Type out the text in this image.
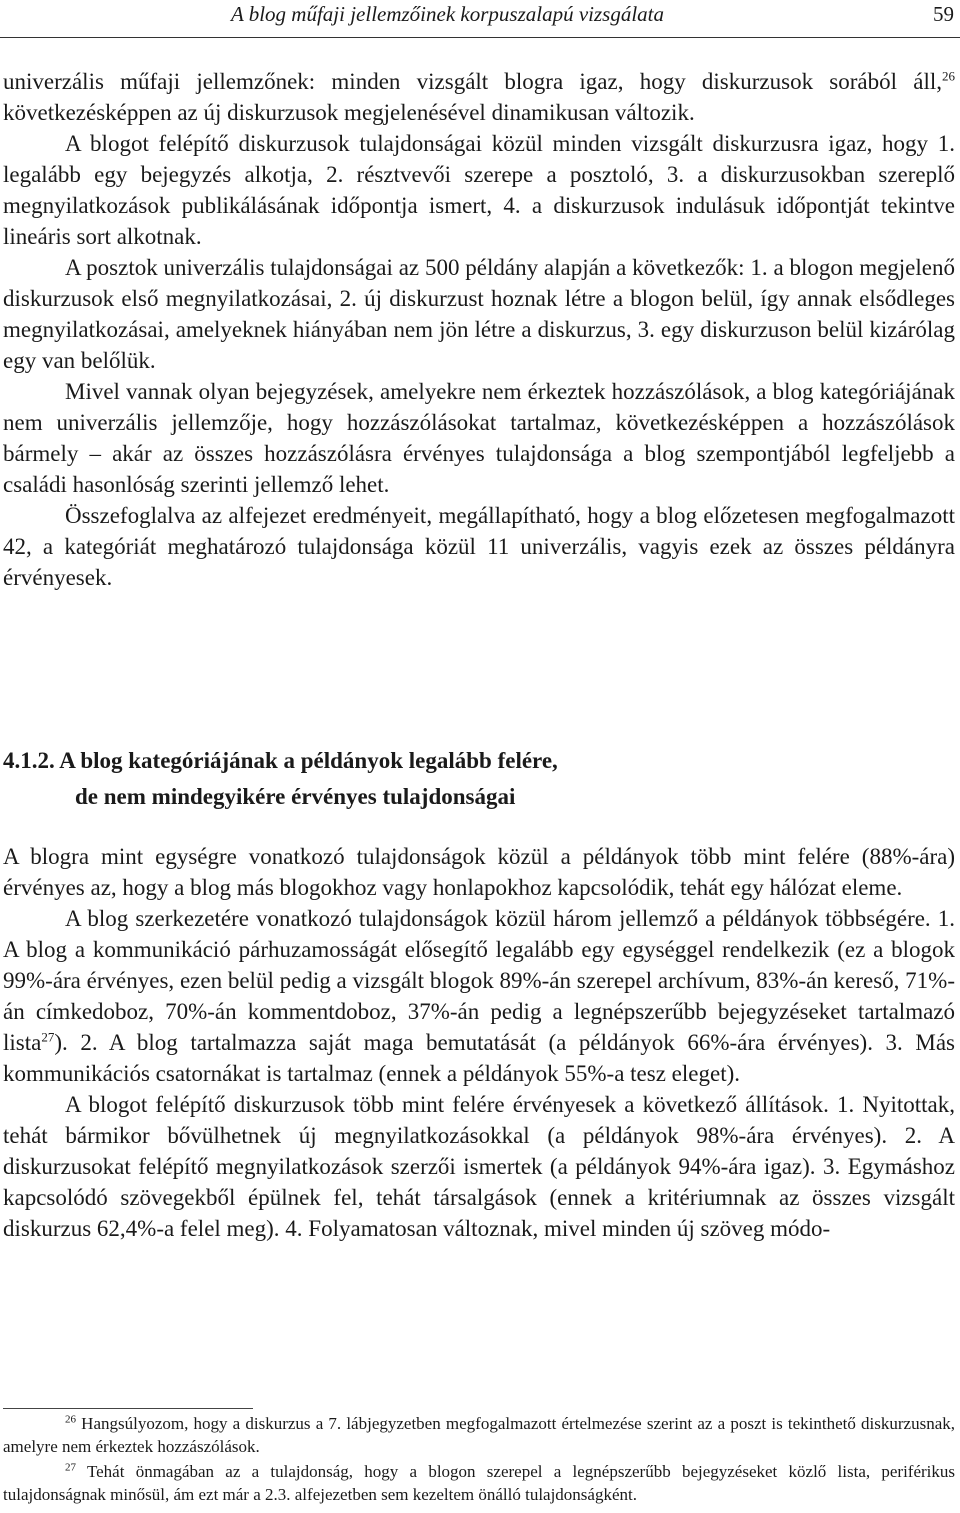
A blog műfaji jellemzőinek korpuszalapú vizsgálata	59

univerzális műfaji jellemzőnek: minden vizsgált blogra igaz, hogy diskurzusok sorából áll,$^{26}$ következésképpen az új diskurzusok megjelenésével dinamikusan változik.

A blogot felépítő diskurzusok tulajdonságai közül minden vizsgált diskurzusra igaz, hogy 1. legalább egy bejegyzés alkotja, 2. résztvevői szerepe a posztoló, 3. a diskurzusokban szereplő megnyilatkozások publikálásának időpontja ismert, 4. a diskurzusok indulásuk időpontját tekintve lineáris sort alkotnak.

A posztok univerzális tulajdonságai az 500 példány alapján a következők: 1. a blogon megjelenő diskurzusok első megnyilatkozásai, 2. új diskurzust hoznak létre a blogon belül, így annak elsődleges megnyilatkozásai, amelyeknek hiányában nem jön létre a diskurzus, 3. egy diskurzuson belül kizárólag egy van belőlük.

Mivel vannak olyan bejegyzések, amelyekre nem érkeztek hozzászólások, a blog kategóriájának nem univerzális jellemzője, hogy hozzászólásokat tartalmaz, következésképpen a hozzászólások bármely – akár az összes hozzászólásra érvényes tulajdonsága a blog szempontjából legfeljebb a családi hasonlóság szerinti jellemző lehet.

Összefoglalva az alfejezet eredményeit, megállapítható, hogy a blog előzetesen megfogalmazott 42, a kategóriát meghatározó tulajdonsága közül 11 univerzális, vagyis ezek az összes példányra érvényesek.

4.1.2. A blog kategóriájának a példányok legalább felére,
de nem mindegyikére érvényes tulajdonságai

A blogra mint egységre vonatkozó tulajdonságok közül a példányok több mint felére (88%-ára) érvényes az, hogy a blog más blogokhoz vagy honlapokhoz kapcsolódik, tehát egy hálózat eleme.

A blog szerkezetére vonatkozó tulajdonságok közül három jellemző a példányok többségére. 1. A blog a kommunikáció párhuzamosságát elősegítő legalább egy egységgel rendelkezik (ez a blogok 99%-ára érvényes, ezen belül pedig a vizsgált blogok 89%-án szerepel archívum, 83%-án kereső, 71%-án címkedoboz, 70%-án kommentdoboz, 37%-án pedig a legnépszerűbb bejegyzéseket tartalmazó lista$^{27}$). 2. A blog tartalmazza saját maga bemutatását (a példányok 66%-ára érvényes). 3. Más kommunikációs csatornákat is tartalmaz (ennek a példányok 55%-a tesz eleget).

A blogot felépítő diskurzusok több mint felére érvényesek a következő állítások. 1. Nyitottak, tehát bármikor bővülhetnek új megnyilatkozásokkal (a példányok 98%-ára érvényes). 2. A diskurzusokat felépítő megnyilatkozások szerzői ismertek (a példányok 94%-ára igaz). 3. Egymáshoz kapcsolódó szövegekből épülnek fel, tehát társalgások (ennek a kritériumnak az összes vizsgált diskurzus 62,4%-a felel meg). 4. Folyamatosan változnak, mivel minden új szöveg módo-

$^{26}$ Hangsúlyozom, hogy a diskurzus a 7. lábjegyzetben megfogalmazott értelmezése szerint az a poszt is tekinthető diskurzusnak, amelyre nem érkeztek hozzászólások.

$^{27}$ Tehát önmagában az a tulajdonság, hogy a blogon szerepel a legnépszerűbb bejegyzéseket közlő lista, periférikus tulajdonságnak minősül, ám ezt már a 2.3. alfejezetben sem kezeltem önálló tulajdonságként.
